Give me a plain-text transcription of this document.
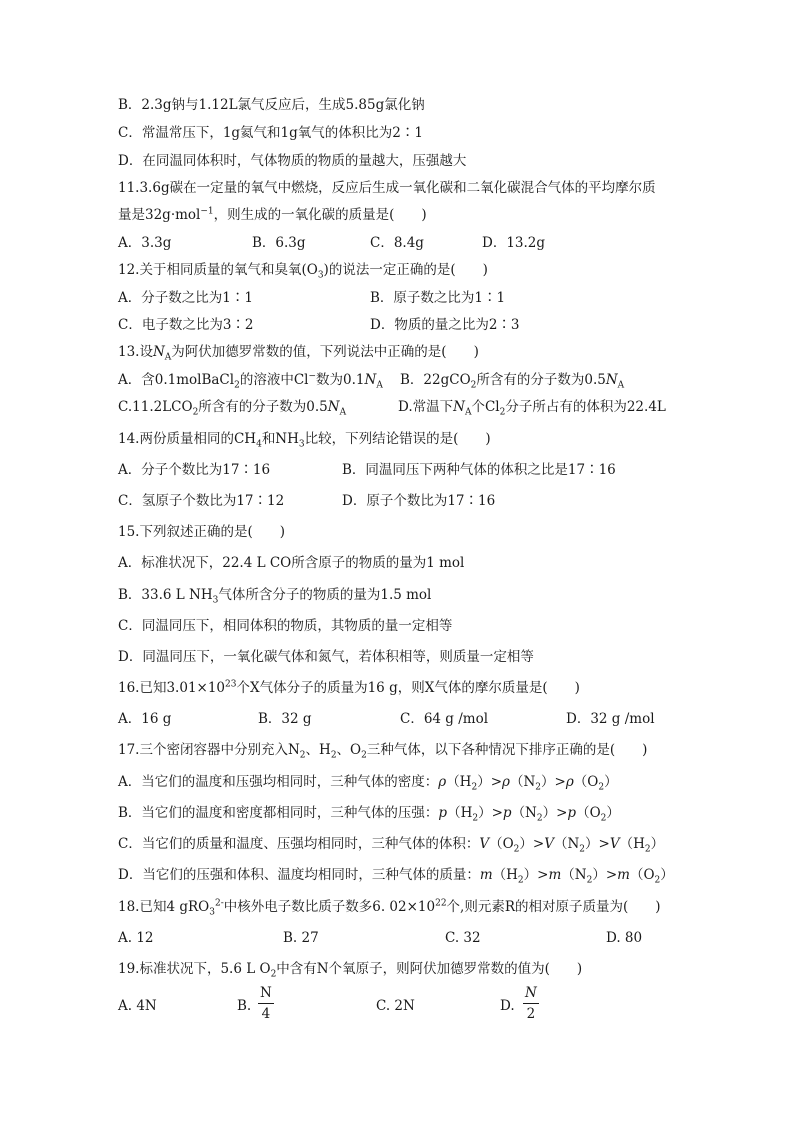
B．2.3g钠与1.12L氯气反应后，生成5.85g氯化钠
C．常温常压下，1g氦气和1g氧气的体积比为2∶1
D．在同温同体积时，气体物质的物质的量越大，压强越大
11.3.6g碳在一定量的氧气中燃烧，反应后生成一氧化碳和二氧化碳混合气体的平均摩尔质
量是32g·mol$^{-1}$，则生成的一氧化碳的质量是(　　)
A．3.3g	B．6.3g	C．8.4g	D．13.2g
12.关于相同质量的氧气和臭氧$(O_3)$的说法一定正确的是(　　)
A．分子数之比为1∶1	B．原子数之比为1∶1
C．电子数之比为3∶2	D．物质的量之比为2∶3
13.设$N_A$为阿伏加德罗常数的值，下列说法中正确的是(　　)
A．含0.1molBaCl$_2$的溶液中Cl−数为$0.1N_A$ B．22gCO$_2$所含有的分子数为$0.5N_A$
$C.11.2LCO_2$所含有的分子数为$0.5N_A$	D.常温下$N_A$个$Cl_2$分子所占有的体积为22.4L
14.两份质量相同的$CH_4$和$NH_3$比较，下列结论错误的是(　　)
A．分子个数比为17∶16	B．同温同压下两种气体的体积之比是17∶16
C．氢原子个数比为17∶12	D．原子个数比为17∶16
15.下列叙述正确的是(　　)
A．标准状况下，22.4 L CO所含原子的物质的量为1 mol
B．33.6 L $NH_3$气体所含分子的物质的量为1.5 mol
C．同温同压下，相同体积的物质，其物质的量一定相等
D．同温同压下，一氧化碳气体和氮气，若体积相等，则质量一定相等
16.已知$3.01\times 10^{23}$个X气体分子的质量为16 g，则X气体的摩尔质量是(　　)
A．16 g	B．32 g	C．64 g /mol	D．32 g /mol
17.三个密闭容器中分别充入$N_2$、$H_2$、$O_2$三种气体，以下各种情况下排序正确的是(　　)
A．当它们的温度和压强均相同时，三种气体的密度：$\rho(H_2)>\rho(N_2)>\rho(O_2)$
B．当它们的温度和密度都相同时，三种气体的压强：$p(H_2)>p(N_2)>p(O_2)$
C．当它们的质量和温度、压强均相同时，三种气体的体积：$V(O_2)>V(N_2)>V(H_2)$
D．当它们的压强和体积、温度均相同时，三种气体的质量：$m(H_2)>m(N_2)>m(O_2)$
18.已知4 gRO$_3^{2-}$中核外电子数比质子数多6. $02\times 10^{22}$个,则元素R的相对原子质量为(　　)
A. 12	B. 27	C. 32	D. 80
19.标准状况下，5.6 L $O_2$中含有N个氧原子，则阿伏加德罗常数的值为(　　)
A. 4N	B. $\frac{N}{4}$	C. 2N	D. $\frac{N}{2}$
